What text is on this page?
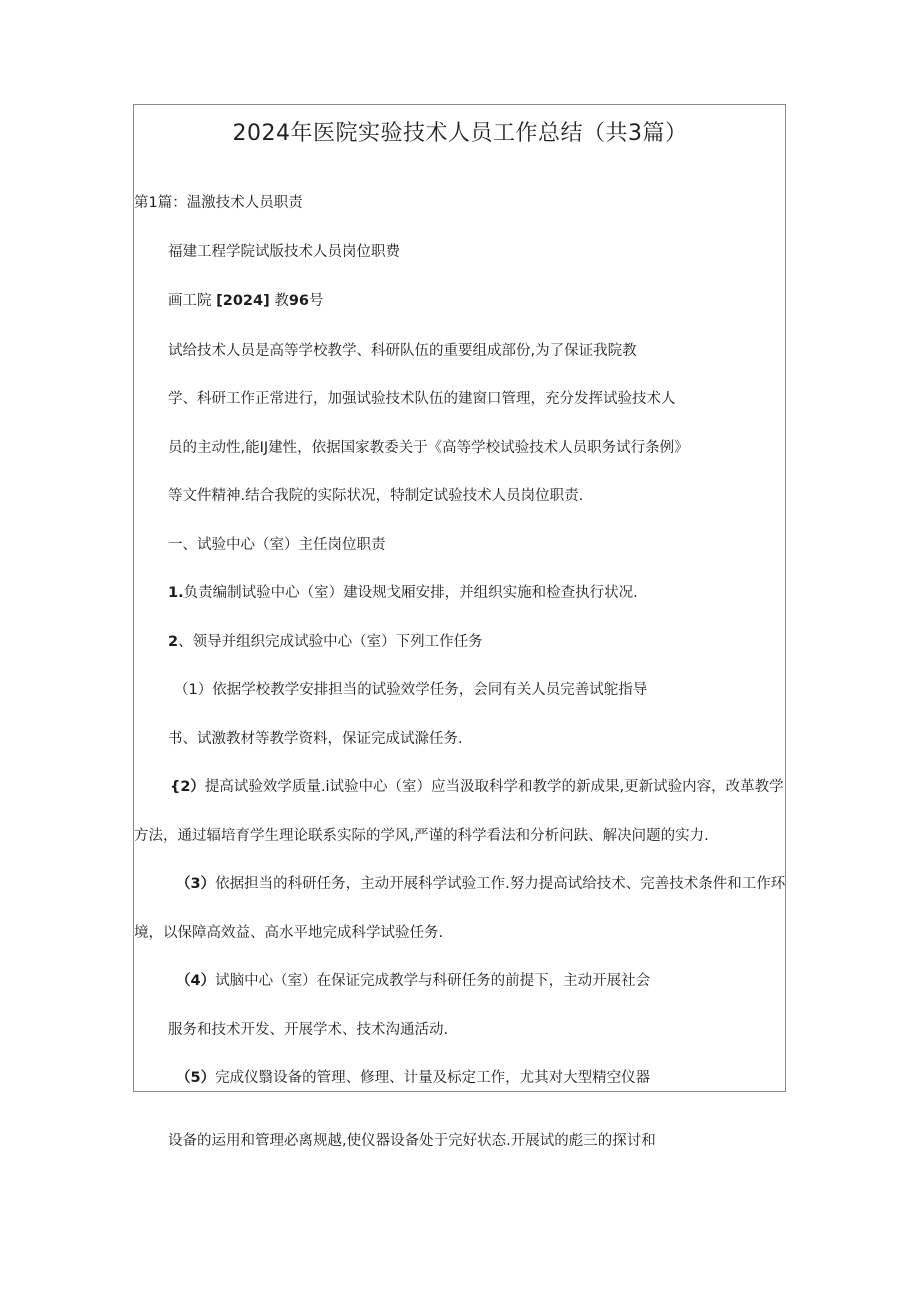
2024年医院实验技术人员工作总结（共3篇）
第1篇：温激技术人员职责
福建工程学院试版技术人员岗位职费
画工院 [2024] 教96号
试给技术人员是高等学校教学、科研队伍的重要组成部份,为了保证我院教
学、科研工作正常进行，加强试验技术队伍的建窗口管理，充分发挥试验技术人
员的主动性,能IJ建性，依据国家教委关于《高等学校试验技术人员职务试行条例》
等文件精神.结合我院的实际状况，特制定试验技术人员岗位职责.
一、试验中心（室）主任岗位职责
1.负责编制试验中心（室）建设规戈厢安排，并组织实施和检查执行状况.
2、领导并组织完成试验中心（室）下列工作任务
（1）依据学校教学安排担当的试验效学任务，会同有关人员完善试鸵指导
书、试激教材等教学资料，保证完成试滁任务.
{2）提高试验效学质量.i试验中心（室）应当汲取科学和教学的新成果,更新试验内容，改革教学
方法，通过辐培育学生理论联系实际的学风,严谨的科学看法和分析问趺、解决问题的实力.
（3）依据担当的科研任务，主动开展科学试验工作.努力提高试给技术、完善技术条件和工作环
境，以保障高效益、高水平地完成科学试验任务.
（4）试脑中心（室）在保证完成教学与科研任务的前提下，主动开展社会
服务和技术开发、开展学术、技术沟通活动.
（5）完成仪翳设备的管理、修理、计量及标定工作，尤其对大型精空仪器
设备的运用和管理必离规越,使仪器设备处于完好状态.开展试的彪三的探讨和
